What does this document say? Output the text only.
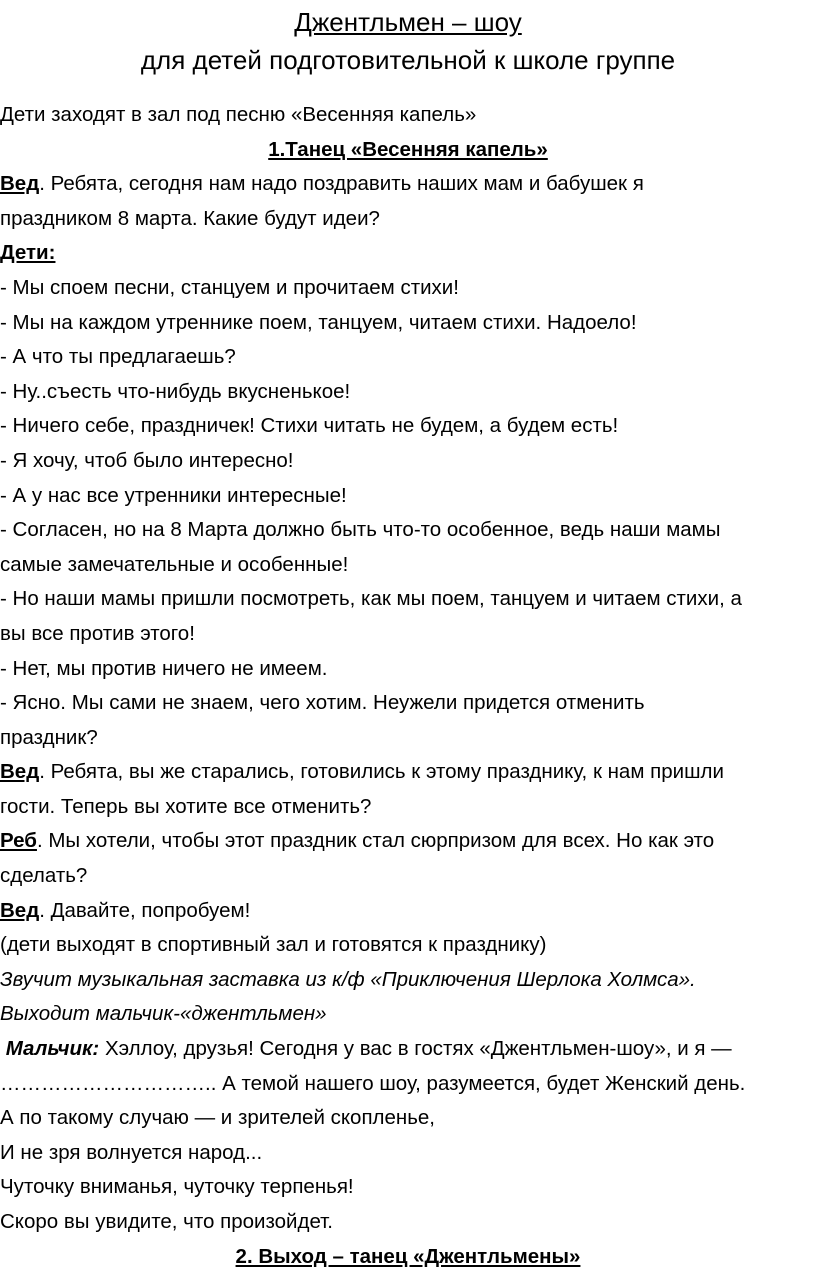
Джентльмен – шоу
для детей подготовительной к школе группе
Дети заходят в зал под песню «Весенняя капель»
1.Танец «Весенняя капель»
Вед. Ребята, сегодня нам надо поздравить наших мам и бабушек я
праздником 8 марта. Какие будут идеи?
Дети:
- Мы споем песни, станцуем и прочитаем стихи!
- Мы на каждом утреннике поем, танцуем, читаем стихи. Надоело!
- А что ты предлагаешь?
- Ну..съесть что-нибудь вкусненькое!
- Ничего себе, праздничек! Стихи читать не будем, а будем есть!
- Я хочу, чтоб было интересно!
- А у нас все утренники интересные!
- Согласен, но на 8 Марта должно быть что-то особенное, ведь наши мамы
самые замечательные и особенные!
- Но наши мамы пришли посмотреть, как мы поем, танцуем и читаем стихи, а
вы все против этого!
- Нет, мы против ничего не имеем.
- Ясно. Мы сами не знаем, чего хотим. Неужели придется отменить
праздник?
Вед. Ребята, вы же старались, готовились к этому празднику, к нам пришли
гости. Теперь вы хотите все отменить?
Реб. Мы хотели, чтобы этот праздник стал сюрпризом для всех. Но как это
сделать?
Вед. Давайте, попробуем!
(дети выходят в спортивный зал и готовятся к празднику)
Звучит музыкальная заставка из к/ф «Приключения Шерлока Холмса».
Выходит мальчик-«джентльмен»
Мальчик: Хэллоу, друзья! Сегодня у вас в гостях «Джентльмен-шоу», и я —
………………………….. А темой нашего шоу, разумеется, будет Женский день.
А по такому случаю — и зрителей скопленье,
И не зря волнуется народ...
Чуточку вниманья, чуточку терпенья!
Скоро вы увидите, что произойдет.
2. Выход – танец «Джентльмены»
